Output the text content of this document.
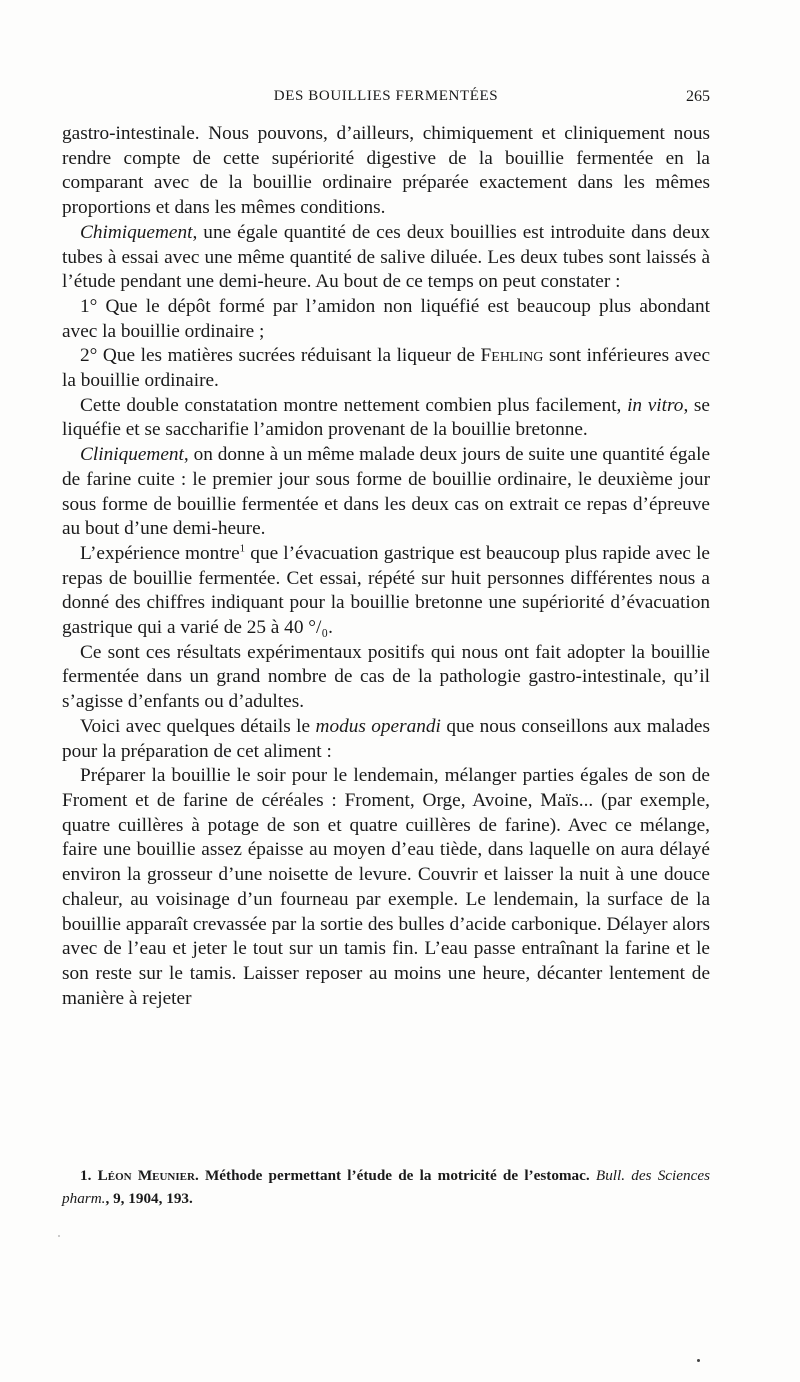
DES BOUILLIES FERMENTÉES	265

gastro-intestinale. Nous pouvons, d’ailleurs, chimiquement et cliniquement nous rendre compte de cette supériorité digestive de la bouillie fermentée en la comparant avec de la bouillie ordinaire préparée exactement dans les mêmes proportions et dans les mêmes conditions.

Chimiquement, une égale quantité de ces deux bouillies est introduite dans deux tubes à essai avec une même quantité de salive diluée. Les deux tubes sont laissés à l’étude pendant une demi-heure. Au bout de ce temps on peut constater :

1° Que le dépôt formé par l’amidon non liquéfié est beaucoup plus abondant avec la bouillie ordinaire ;

2° Que les matières sucrées réduisant la liqueur de Fehling sont inférieures avec la bouillie ordinaire.

Cette double constatation montre nettement combien plus facilement, in vitro, se liquéfie et se saccharifie l’amidon provenant de la bouillie bretonne.

Cliniquement, on donne à un même malade deux jours de suite une quantité égale de farine cuite : le premier jour sous forme de bouillie ordinaire, le deuxième jour sous forme de bouillie fermentée et dans les deux cas on extrait ce repas d’épreuve au bout d’une demi-heure.

L’expérience montre$^1$ que l’évacuation gastrique est beaucoup plus rapide avec le repas de bouillie fermentée. Cet essai, répété sur huit personnes différentes nous a donné des chiffres indiquant pour la bouillie bretonne une supériorité d’évacuation gastrique qui a varié de 25 à 40 °/₀.

Ce sont ces résultats expérimentaux positifs qui nous ont fait adopter la bouillie fermentée dans un grand nombre de cas de la pathologie gastro-intestinale, qu’il s’agisse d’enfants ou d’adultes.

Voici avec quelques détails le modus operandi que nous conseillons aux malades pour la préparation de cet aliment :

Préparer la bouillie le soir pour le lendemain, mélanger parties égales de son de Froment et de farine de céréales : Froment, Orge, Avoine, Maïs... (par exemple, quatre cuillères à potage de son et quatre cuillères de farine). Avec ce mélange, faire une bouillie assez épaisse au moyen d’eau tiède, dans laquelle on aura délayé environ la grosseur d’une noisette de levure. Couvrir et laisser la nuit à une douce chaleur, au voisinage d’un fourneau par exemple. Le lendemain, la surface de la bouillie apparaît crevassée par la sortie des bulles d’acide carbonique. Délayer alors avec de l’eau et jeter le tout sur un tamis fin. L’eau passe entraînant la farine et le son reste sur le tamis. Laisser reposer au moins une heure, décanter lentement de manière à rejeter

1. Léon Meunier. Méthode permettant l’étude de la motricité de l’estomac. Bull. des Sciences pharm., 9, 1904, 193.
